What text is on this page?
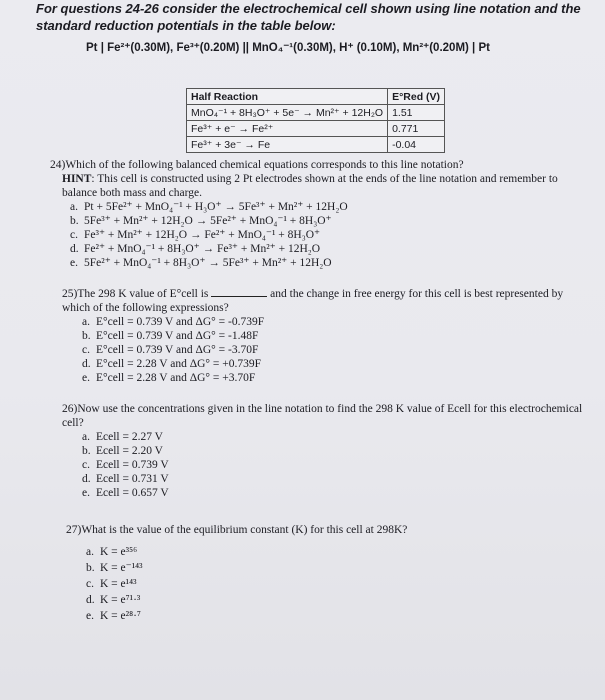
For questions 24-26 consider the electrochemical cell shown using line notation and the standard reduction potentials in the table below:
Pt | Fe²⁺(0.30M), Fe³⁺(0.20M) || MnO₄⁻¹(0.30M), H⁺ (0.10M), Mn²⁺(0.20M) | Pt
Half Reaction	E°Red (V)
MnO₄⁻¹ + 8H₃O⁺ + 5e⁻ → Mn²⁺ + 12H₂O	1.51
Fe³⁺ + e⁻ → Fe²⁺	0.771
Fe³⁺ + 3e⁻ → Fe	-0.04

24)Which of the following balanced chemical equations corresponds to this line notation?

HINT: This cell is constructed using 2 Pt electrodes shown at the ends of the line notation and remember to balance both mass and charge.

a. Pt + 5Fe²⁺ + MnO₄⁻¹ + H₃O⁺ → 5Fe³⁺ + Mn²⁺ + 12H₂O
b. 5Fe³⁺ + Mn²⁺ + 12H₂O → 5Fe²⁺ + MnO₄⁻¹ + 8H₃O⁺
c. Fe³⁺ + Mn²⁺ + 12H₂O → Fe²⁺ + MnO₄⁻¹ + 8H₃O⁺
d. Fe²⁺ + MnO₄⁻¹ + 8H₃O⁺ → Fe³⁺ + Mn²⁺ + 12H₂O
e. 5Fe²⁺ + MnO₄⁻¹ + 8H₃O⁺ → 5Fe³⁺ + Mn²⁺ + 12H₂O

25)The 298 K value of E°cell is	and the change in free energy for this cell is best represented by which of the following expressions?

a. E°cell = 0.739 V and ΔG° = -0.739F
b. E°cell = 0.739 V and ΔG° = -1.48F
c. E°cell = 0.739 V and ΔG° = -3.70F
d. E°cell = 2.28 V and ΔG° = +0.739F
e. E°cell = 2.28 V and ΔG° = +3.70F

26)Now use the concentrations given in the line notation to find the 298 K value of Ecell for this electrochemical cell?

a. Ecell = 2.27 V
b. Ecell = 2.20 V
c. Ecell = 0.739 V
d. Ecell = 0.731 V
e. Ecell = 0.657 V

27)What is the value of the equilibrium constant (K) for this cell at 298K?

a. K = e³⁵⁶
b. K = e⁻¹⁴³
c. K = e¹⁴³
d. K = e⁷¹·³
e. K = e²⁸·⁷
